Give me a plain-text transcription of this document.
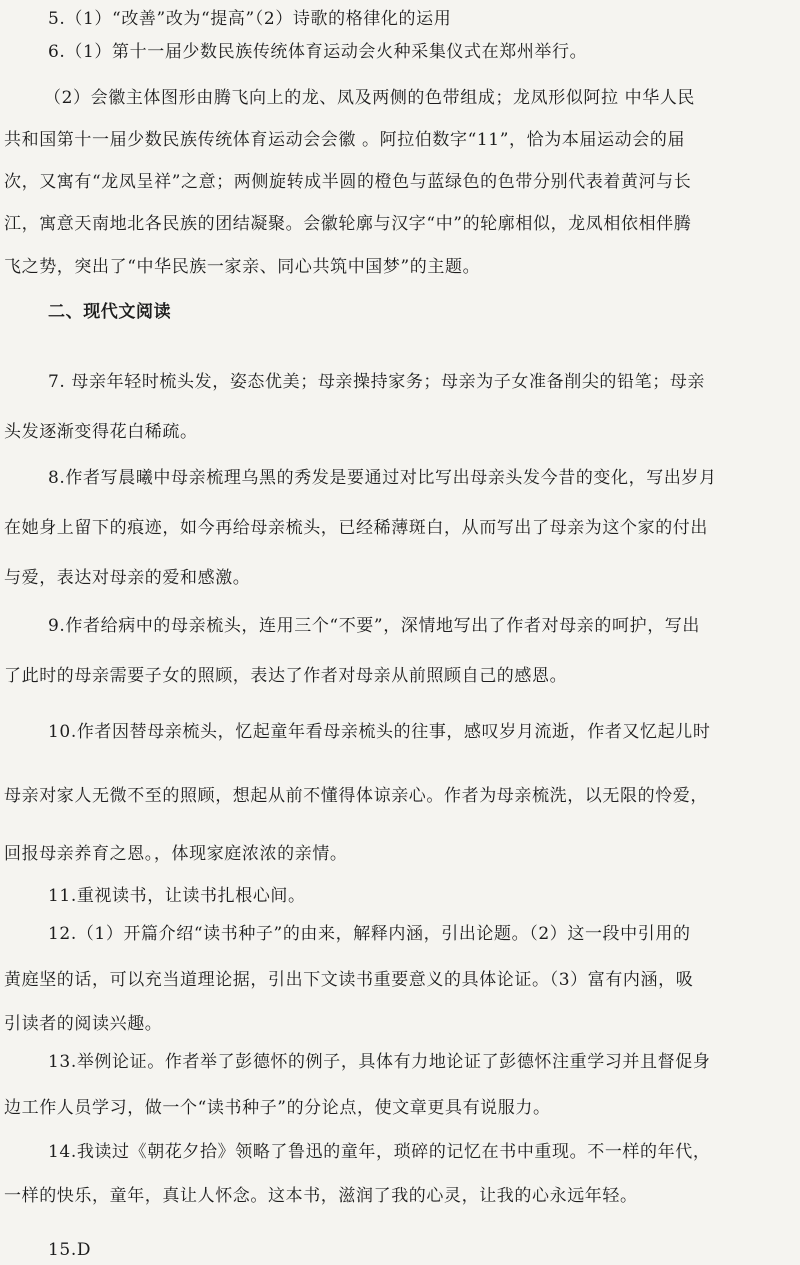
5.（1）“改善”改为“提高”（2）诗歌的格律化的运用
6.（1）第十一届少数民族传统体育运动会火种采集仪式在郑州举行。
（2）会徽主体图形由腾飞向上的龙、凤及两侧的色带组成；龙凤形似阿拉 中华人民
共和国第十一届少数民族传统体育运动会会徽 。阿拉伯数字“11”，恰为本届运动会的届
次，又寓有“龙凤呈祥”之意；两侧旋转成半圆的橙色与蓝绿色的色带分别代表着黄河与长
江，寓意天南地北各民族的团结凝聚。会徽轮廓与汉字“中”的轮廓相似，龙凤相依相伴腾
飞之势，突出了“中华民族一家亲、同心共筑中国梦”的主题。
二、现代文阅读
7. 母亲年轻时梳头发，姿态优美；母亲操持家务；母亲为子女准备削尖的铅笔；母亲
头发逐渐变得花白稀疏。
8.作者写晨曦中母亲梳理乌黑的秀发是要通过对比写出母亲头发今昔的变化，写出岁月
在她身上留下的痕迹，如今再给母亲梳头，已经稀薄斑白，从而写出了母亲为这个家的付出
与爱，表达对母亲的爱和感激。
9.作者给病中的母亲梳头，连用三个“不要”，深情地写出了作者对母亲的呵护，写出
了此时的母亲需要子女的照顾，表达了作者对母亲从前照顾自己的感恩。
10.作者因替母亲梳头，忆起童年看母亲梳头的往事，感叹岁月流逝，作者又忆起儿时
母亲对家人无微不至的照顾，想起从前不懂得体谅亲心。作者为母亲梳洗，以无限的怜爱，
回报母亲养育之恩。，体现家庭浓浓的亲情。
11.重视读书，让读书扎根心间。
12.（1）开篇介绍“读书种子”的由来，解释内涵，引出论题。（2）这一段中引用的
黄庭坚的话，可以充当道理论据，引出下文读书重要意义的具体论证。（3）富有内涵，吸
引读者的阅读兴趣。
13.举例论证。作者举了彭德怀的例子，具体有力地论证了彭德怀注重学习并且督促身
边工作人员学习，做一个“读书种子”的分论点，使文章更具有说服力。
14.我读过《朝花夕拾》领略了鲁迅的童年，琐碎的记忆在书中重现。不一样的年代，
一样的快乐，童年，真让人怀念。这本书，滋润了我的心灵，让我的心永远年轻。
15.D
